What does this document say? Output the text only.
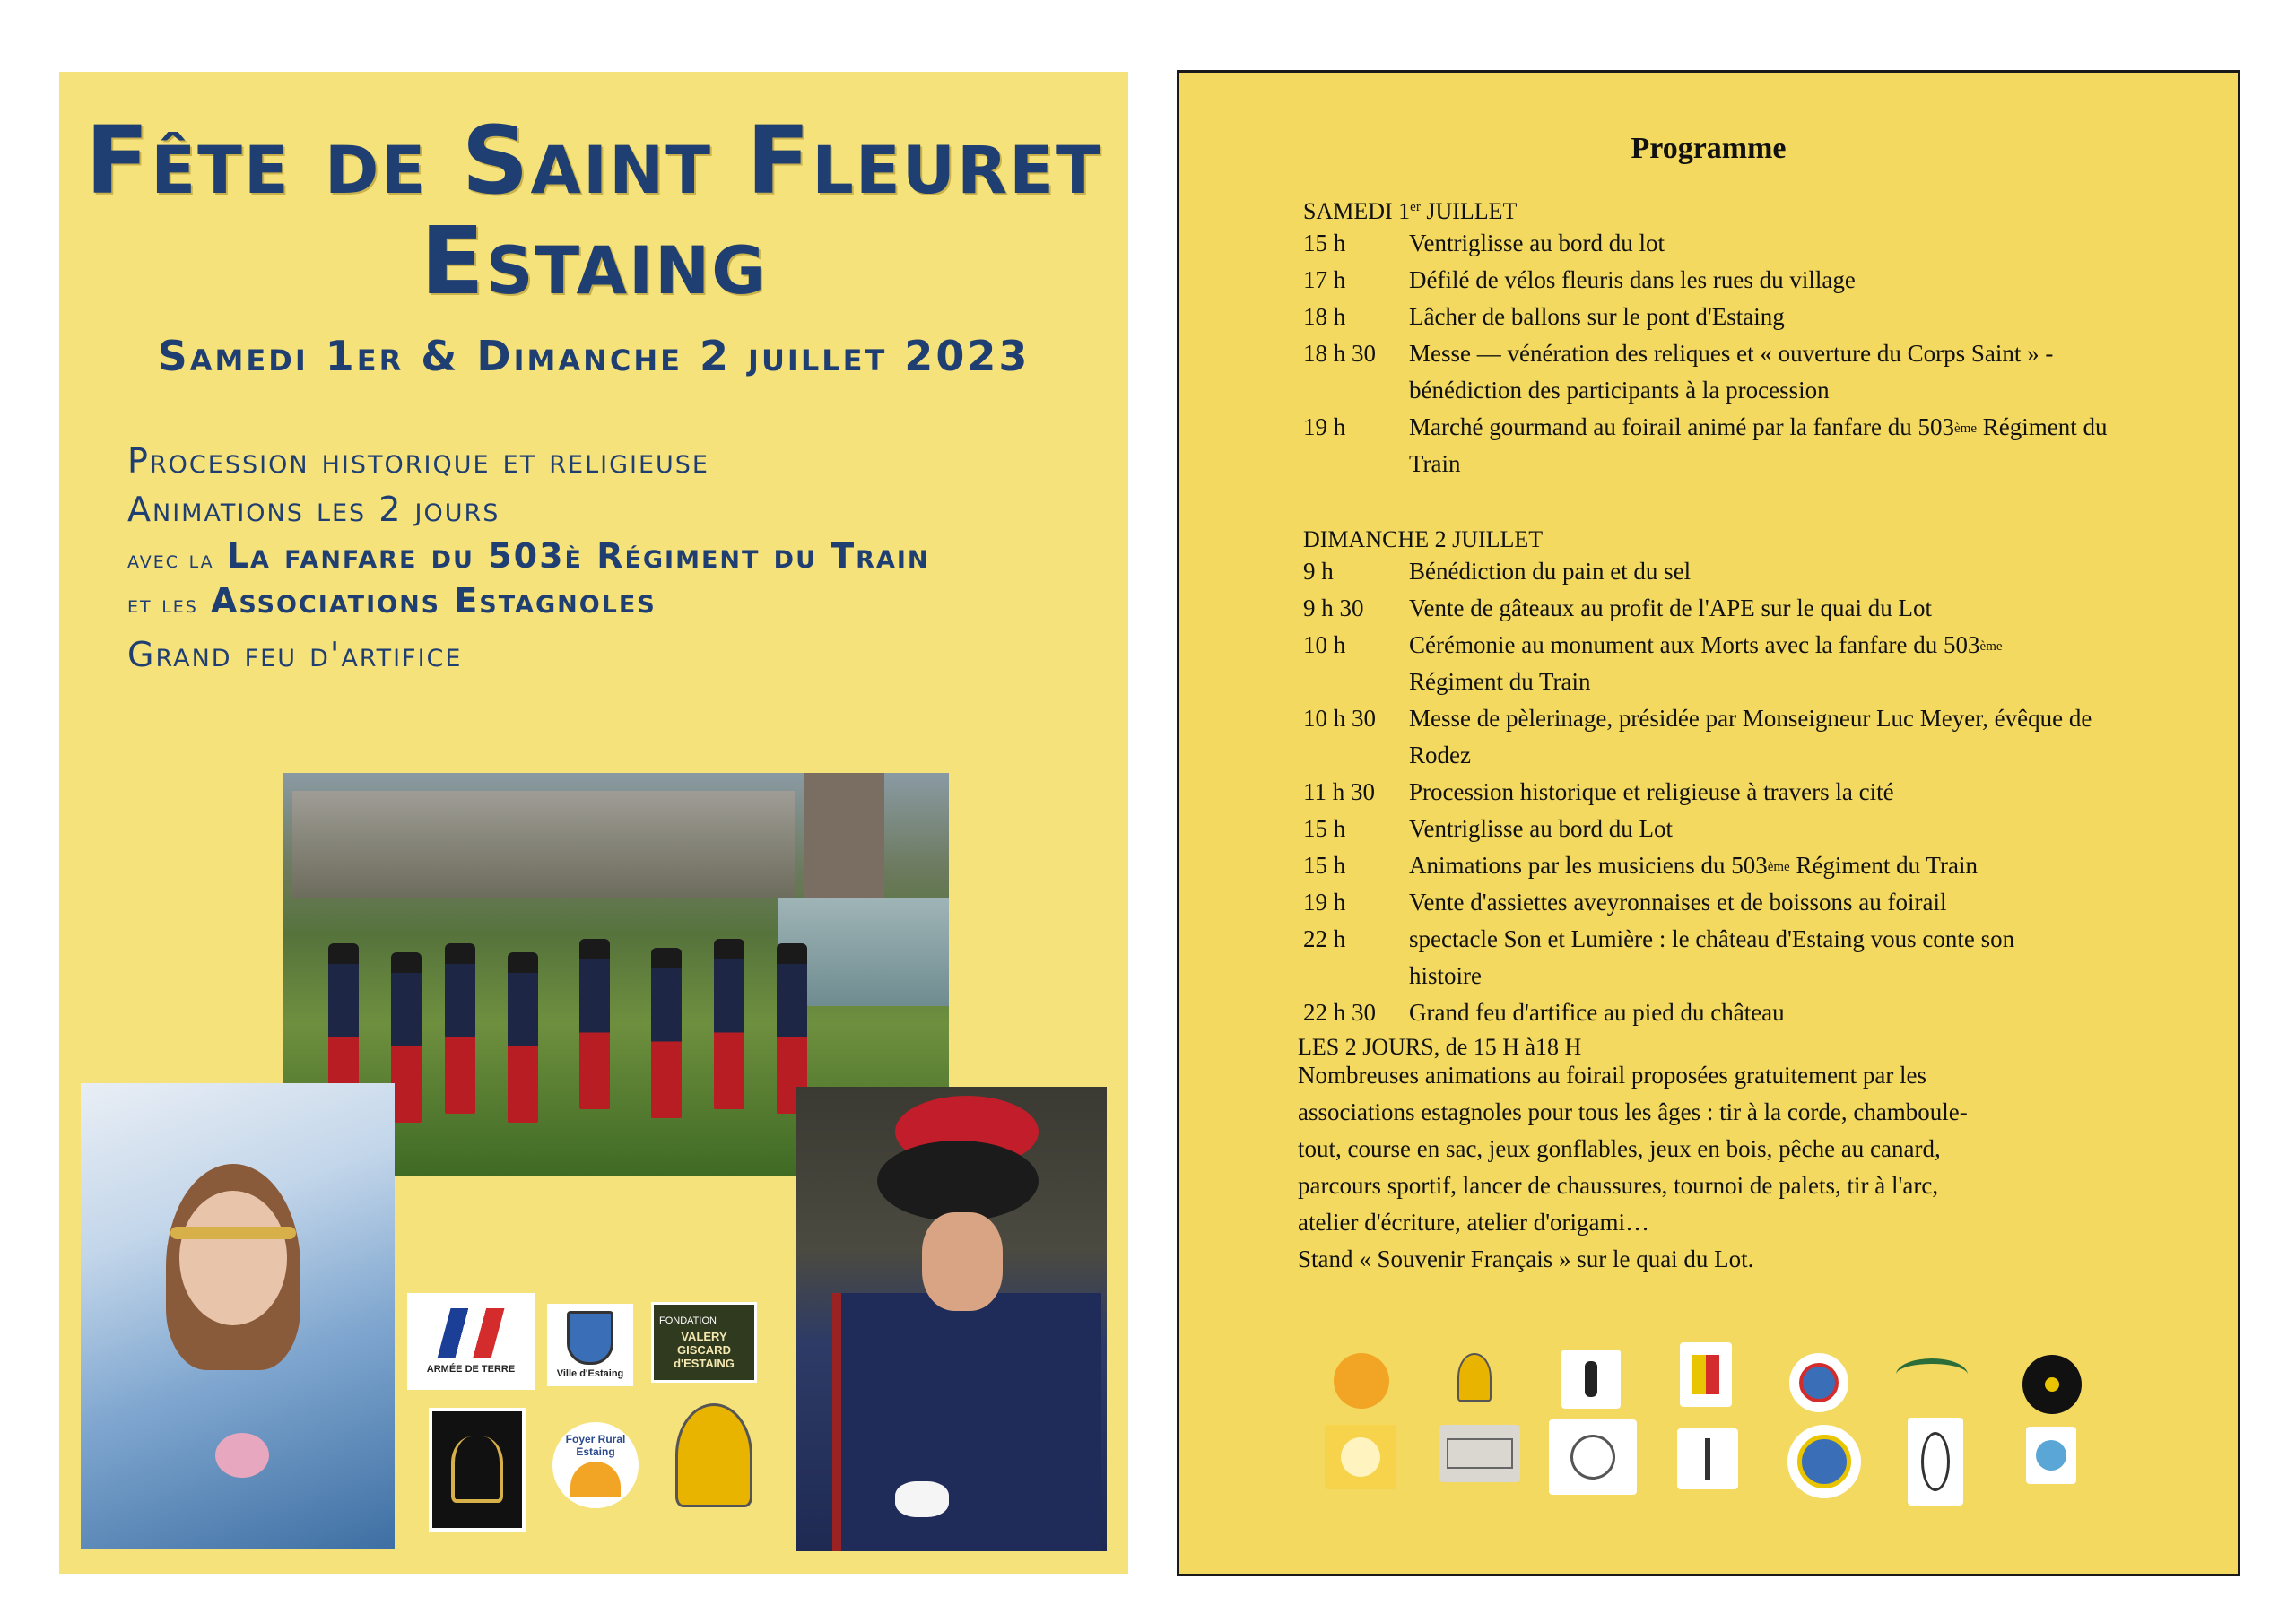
Fête de Saint Fleuret
Estaing
Samedi 1er & Dimanche 2 juillet 2023
Procession historique et religieuse
Animations les 2 jours
avec la La fanfare du 503è Régiment du Train
et les Associations Estagnoles
Grand feu d'artifice
ARMÉE DE TERRE	Ville d'Estaing
FONDATION
VALERY GISCARD d'ESTAING
Foyer Rural Estaing
Programme
SAMEDI 1er JUILLET
15 h	Ventriglisse au bord du lot
17 h	Défilé de vélos fleuris dans les rues du village
18 h	Lâcher de ballons sur le pont d'Estaing
18 h 30	Messe — vénération des reliques et « ouverture du Corps Saint » - bénédiction des participants à la procession
19 h	Marché gourmand au foirail animé par la fanfare du 503ème Régiment du Train
DIMANCHE 2 JUILLET
9 h	Bénédiction du pain et du sel
9 h 30	Vente de gâteaux au profit de l'APE sur le quai du Lot
10 h	Cérémonie au monument aux Morts avec la fanfare du 503ème Régiment du Train
10 h 30	Messe de pèlerinage, présidée par Monseigneur Luc Meyer, évêque de Rodez
11 h 30	Procession historique et religieuse à travers la cité
15 h	Ventriglisse au bord du Lot
15 h	Animations par les musiciens du 503ème Régiment du Train
19 h	Vente d'assiettes aveyronnaises et de boissons au foirail
22 h	spectacle Son et Lumière : le château d'Estaing vous conte son histoire
22 h 30	Grand feu d'artifice au pied du château
LES 2 JOURS, de 15 H à18 H
Nombreuses animations au foirail proposées gratuitement par les
associations estagnoles pour tous les âges : tir à la corde, chamboule-
tout, course en sac, jeux gonflables, jeux en bois, pêche au canard,
parcours sportif, lancer de chaussures, tournoi de palets, tir à l'arc,
atelier d'écriture, atelier d'origami…
Stand « Souvenir Français » sur le quai du Lot.
